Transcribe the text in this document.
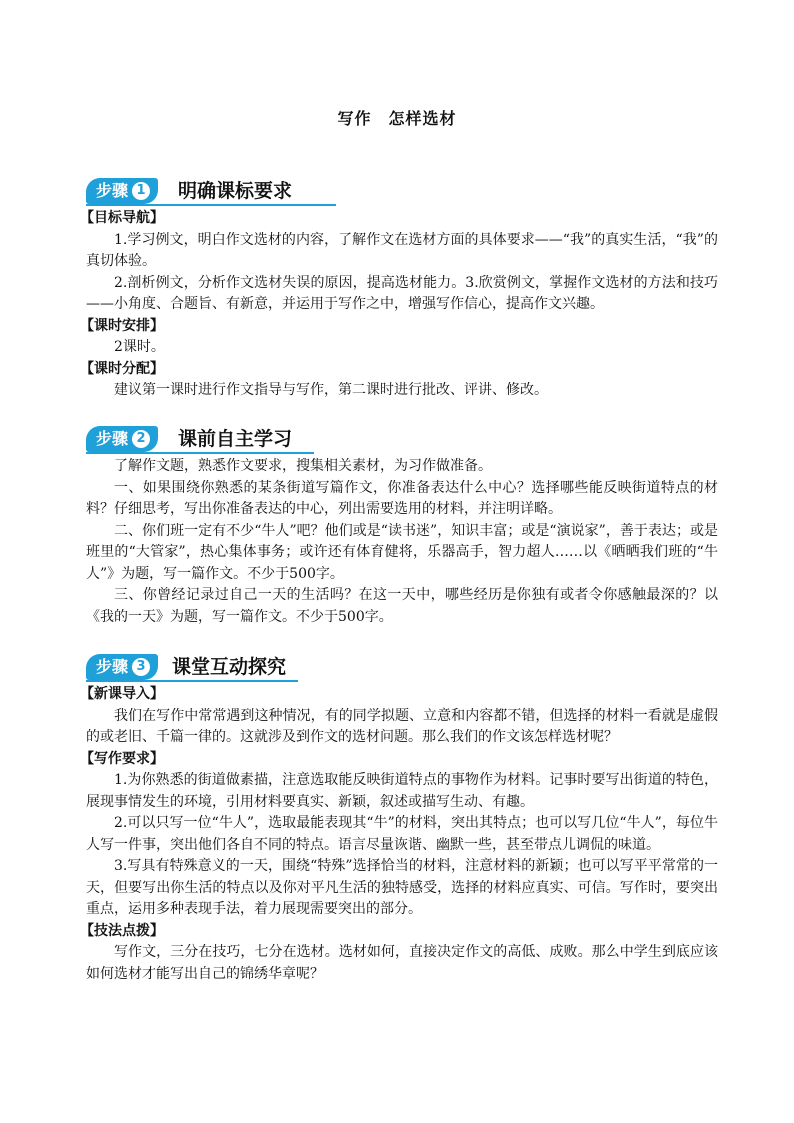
写作　怎样选材
步骤 1 明确课标要求
【目标导航】

1.学习例文，明白作文选材的内容，了解作文在选材方面的具体要求——“我”的真实生活，“我”的真切体验。

2.剖析例文，分析作文选材失误的原因，提高选材能力。3.欣赏例文，掌握作文选材的方法和技巧——小角度、合题旨、有新意，并运用于写作之中，增强写作信心，提高作文兴趣。

【课时安排】

2课时。

【课时分配】

建议第一课时进行作文指导与写作，第二课时进行批改、评讲、修改。

步骤 2 课前自主学习

了解作文题，熟悉作文要求，搜集相关素材，为习作做准备。

一、如果围绕你熟悉的某条街道写篇作文，你准备表达什么中心？选择哪些能反映街道特点的材料？仔细思考，写出你准备表达的中心，列出需要选用的材料，并注明详略。

二、你们班一定有不少“牛人”吧？他们或是“读书迷”，知识丰富；或是“演说家”，善于表达；或是班里的“大管家”，热心集体事务；或许还有体育健将，乐器高手，智力超人……以《晒晒我们班的“牛人”》为题，写一篇作文。不少于500字。

三、你曾经记录过自己一天的生活吗？在这一天中，哪些经历是你独有或者令你感触最深的？以《我的一天》为题，写一篇作文。不少于500字。

步骤 3 课堂互动探究
【新课导入】

我们在写作中常常遇到这种情况，有的同学拟题、立意和内容都不错，但选择的材料一看就是虚假的或老旧、千篇一律的。这就涉及到作文的选材问题。那么我们的作文该怎样选材呢？

【写作要求】

1.为你熟悉的街道做素描，注意选取能反映街道特点的事物作为材料。记事时要写出街道的特色，展现事情发生的环境，引用材料要真实、新颖，叙述或描写生动、有趣。

2.可以只写一位“牛人”，选取最能表现其“牛”的材料，突出其特点；也可以写几位“牛人”，每位牛人写一件事，突出他们各自不同的特点。语言尽量诙谐、幽默一些，甚至带点儿调侃的味道。

3.写具有特殊意义的一天，围绕“特殊”选择恰当的材料，注意材料的新颖；也可以写平平常常的一天，但要写出你生活的特点以及你对平凡生活的独特感受，选择的材料应真实、可信。写作时，要突出重点，运用多种表现手法，着力展现需要突出的部分。

【技法点拨】

写作文，三分在技巧，七分在选材。选材如何，直接决定作文的高低、成败。那么中学生到底应该如何选材才能写出自己的锦绣华章呢？
